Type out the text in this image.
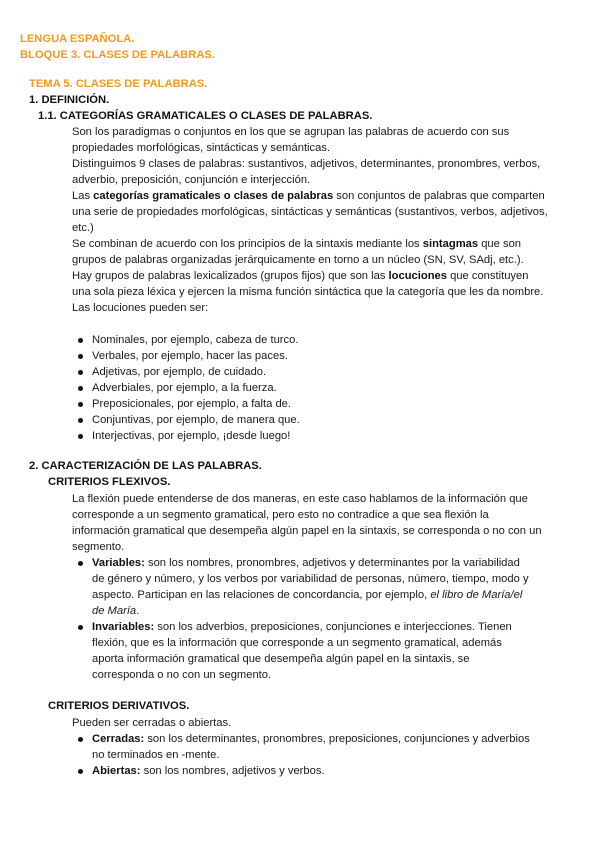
LENGUA ESPAÑOLA.
BLOQUE 3. CLASES DE PALABRAS.
TEMA 5. CLASES DE PALABRAS.
1. DEFINICIÓN.
1.1. CATEGORÍAS GRAMATICALES O CLASES DE PALABRAS.

Son los paradigmas o conjuntos en los que se agrupan las palabras de acuerdo con sus propiedades morfológicas, sintácticas y semánticas.

Distinguimos 9 clases de palabras: sustantivos, adjetivos, determinantes, pronombres, verbos, adverbio, preposición, conjunción e interjección.

Las categorías gramaticales o clases de palabras son conjuntos de palabras que comparten una serie de propiedades morfológicas, sintácticas y semánticas (sustantivos, verbos, adjetivos, etc.)

Se combinan de acuerdo con los principios de la sintaxis mediante los sintagmas que son grupos de palabras organizadas jerárquicamente en torno a un núcleo (SN, SV, SAdj, etc.).

Hay grupos de palabras lexicalizados (grupos fijos) que son las locuciones que constituyen una sola pieza léxica y ejercen la misma función sintáctica que la categoría que les da nombre. Las locuciones pueden ser:

Nominales, por ejemplo, cabeza de turco.
Verbales, por ejemplo, hacer las paces.
Adjetivas, por ejemplo, de cuidado.
Adverbiales, por ejemplo, a la fuerza.
Preposicionales, por ejemplo, a falta de.
Conjuntivas, por ejemplo, de manera que.
Interjectivas, por ejemplo, ¡desde luego!
2. CARACTERIZACIÓN DE LAS PALABRAS.
CRITERIOS FLEXIVOS.

La flexión puede entenderse de dos maneras, en este caso hablamos de la información que corresponde a un segmento gramatical, pero esto no contradice a que sea flexión la información gramatical que desempeña algún papel en la sintaxis, se corresponda o no con un segmento.

Variables: son los nombres, pronombres, adjetivos y determinantes por la variabilidad de género y número, y los verbos por variabilidad de personas, número, tiempo, modo y aspecto. Participan en las relaciones de concordancia, por ejemplo, el libro de María/el de María.
Invariables: son los adverbios, preposiciones, conjunciones e interjecciones. Tienen flexión, que es la información que corresponde a un segmento gramatical, además aporta información gramatical que desempeña algún papel en la sintaxis, se corresponda o no con un segmento.
CRITERIOS DERIVATIVOS.

Pueden ser cerradas o abiertas.

Cerradas: son los determinantes, pronombres, preposiciones, conjunciones y adverbios no terminados en -mente.
Abiertas: son los nombres, adjetivos y verbos.
